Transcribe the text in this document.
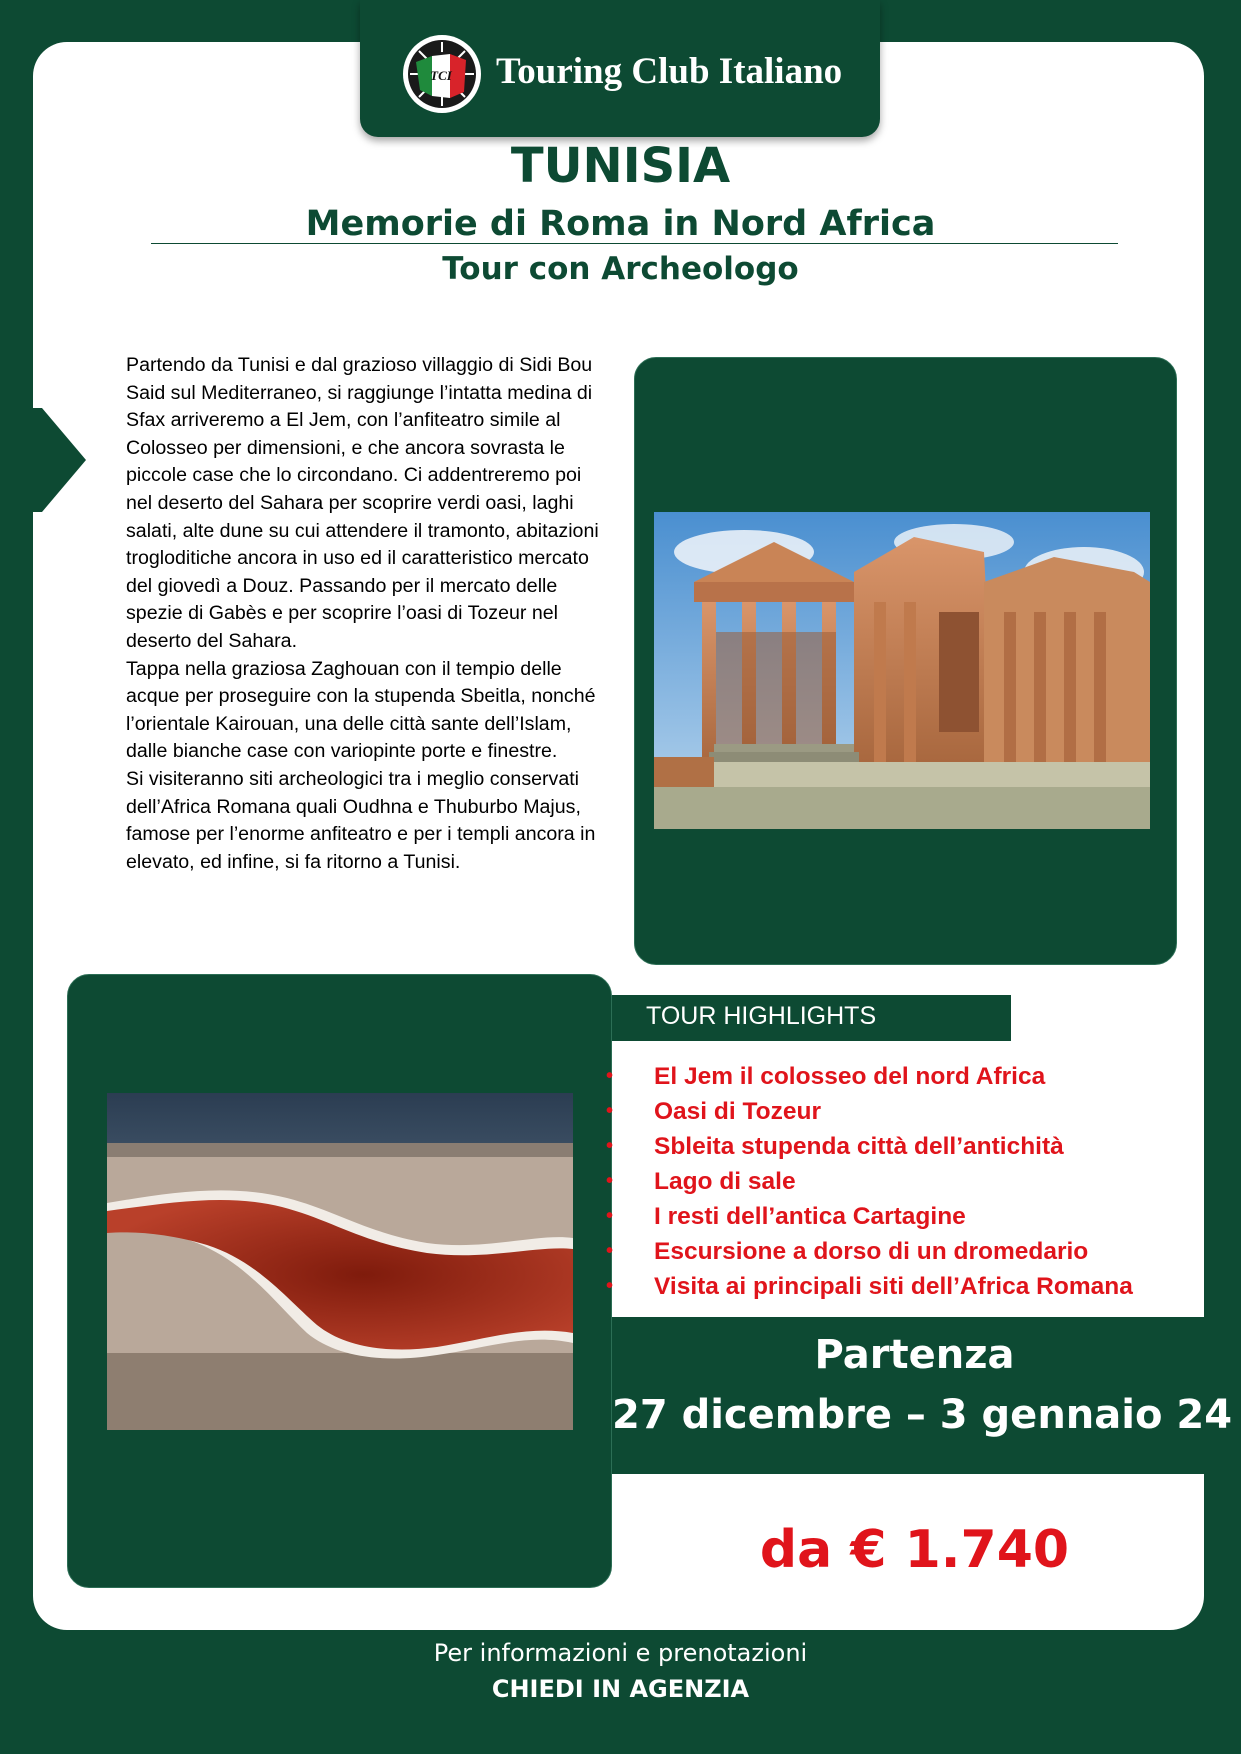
TCI Touring Club Italiano
TUNISIA
Memorie di Roma in Nord Africa
Tour con Archeologo

Partendo da Tunisi e dal grazioso villaggio di Sidi Bou Said sul Mediterraneo, si raggiunge l’intatta medina di Sfax arriveremo a El Jem, con l’anfiteatro simile al Colosseo per dimensioni, e che ancora sovrasta le piccole case che lo circondano. Ci addentreremo poi nel deserto del Sahara per scoprire verdi oasi, laghi salati, alte dune su cui attendere il tramonto, abitazioni trogloditiche ancora in uso ed il caratteristico mercato del giovedì a Douz. Passando per il mercato delle spezie di Gabès e per scoprire l’oasi di Tozeur nel deserto del Sahara.

Tappa nella graziosa Zaghouan con il tempio delle acque per proseguire con la stupenda Sbeitla, nonché l’orientale Kairouan, una delle città sante dell’Islam, dalle bianche case con variopinte porte e finestre.

Si visiteranno siti archeologici tra i meglio conservati dell’Africa Romana quali Oudhna e Thuburbo Majus, famose per l’enorme anfiteatro e per i templi ancora in elevato, ed infine, si fa ritorno a Tunisi.

TOUR HIGHLIGHTS
• El Jem il colosseo del nord Africa
• Oasi di Tozeur
• Sbleita stupenda città dell’antichità
• Lago di sale
• I resti dell’antica Cartagine
• Escursione a dorso di un dromedario
• Visita ai principali siti dell’Africa Romana
Partenza
27 dicembre – 3 gennaio 24
da € 1.740
Per informazioni e prenotazioni
CHIEDI IN AGENZIA
